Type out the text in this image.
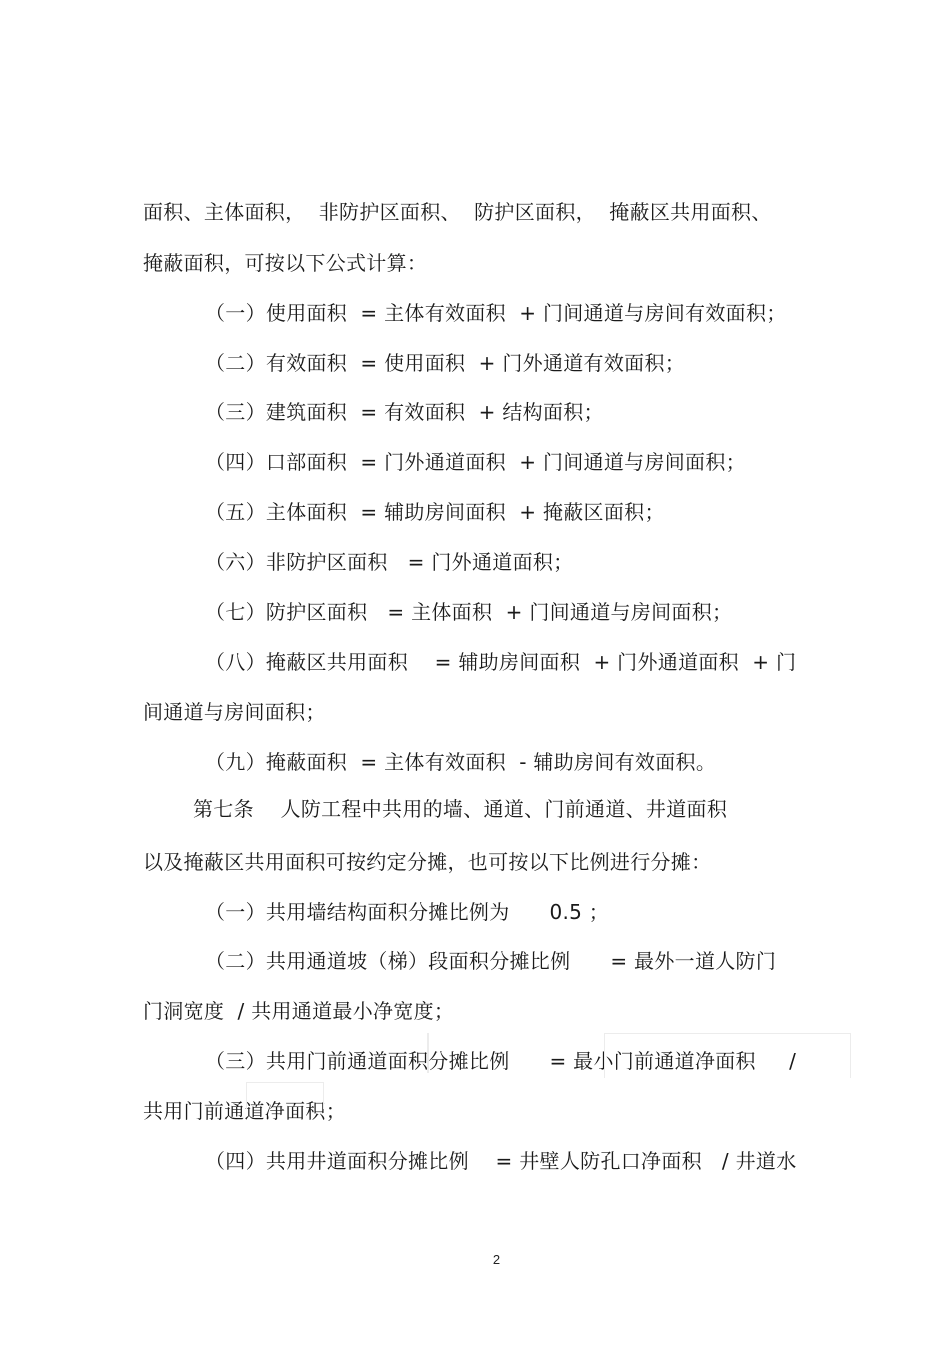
面积、主体面积，  非防护区面积、  防护区面积，  掩蔽区共用面积、
掩蔽面积，可按以下公式计算：
（一）使用面积  = 主体有效面积  + 门间通道与房间有效面积；
（二）有效面积  = 使用面积  + 门外通道有效面积；
（三）建筑面积  = 有效面积  + 结构面积；
（四）口部面积  = 门外通道面积  + 门间通道与房间面积；
（五）主体面积  = 辅助房间面积  + 掩蔽区面积；
（六）非防护区面积   = 门外通道面积；
（七）防护区面积   = 主体面积  + 门间通道与房间面积；
（八）掩蔽区共用面积    = 辅助房间面积  + 门外通道面积  + 门
间通道与房间面积；
（九）掩蔽面积  = 主体有效面积  - 辅助房间有效面积。
第七条    人防工程中共用的墙、通道、门前通道、井道面积
以及掩蔽区共用面积可按约定分摊，也可按以下比例进行分摊：
（一）共用墙结构面积分摊比例为      0.5 ；
（二）共用通道坡（梯）段面积分摊比例      = 最外一道人防门
门洞宽度  / 共用通道最小净宽度；
（三）共用门前通道面积分摊比例      = 最小门前通道净面积     /
共用门前通道净面积；
（四）共用井道面积分摊比例    = 井壁人防孔口净面积   / 井道水
2
